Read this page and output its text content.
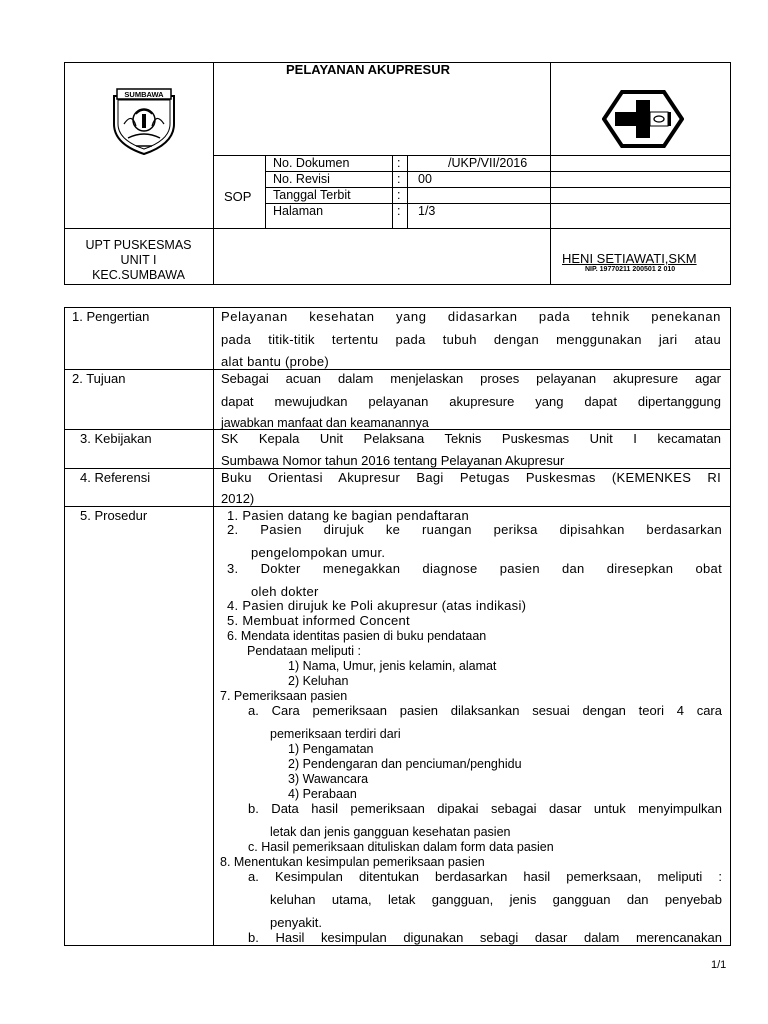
SUMBAWA
PELAYANAN AKUPRESUR
SOP
No. Dokumen	:	/UKP/VII/2016
No. Revisi	: 00
Tanggal Terbit	:
Halaman	: 1/3
UPT PUSKESMAS
UNIT I
KEC.SUMBAWA
HENI SETIAWATI,SKM
NIP. 19770211 200501 2 010
1. Pengertian	Pelayanan kesehatan yang didasarkan pada tehnik penekanan
pada titik-titik tertentu pada tubuh dengan menggunakan jari atau
alat bantu (probe)
2. Tujuan	Sebagai acuan dalam menjelaskan proses pelayanan akupresure agar
dapat mewujudkan pelayanan akupresure yang dapat dipertanggung
jawabkan manfaat dan keamanannya
3. Kebijakan	SK Kepala Unit Pelaksana Teknis Puskesmas Unit I kecamatan
Sumbawa Nomor tahun 2016 tentang Pelayanan Akupresur
4. Referensi	Buku Orientasi Akupresur Bagi Petugas Puskesmas (KEMENKES RI
2012)
5. Prosedur	1. Pasien datang ke bagian pendaftaran
2. Pasien dirujuk ke ruangan periksa dipisahkan berdasarkan
pengelompokan umur.
3. Dokter menegakkan diagnose pasien dan diresepkan obat
oleh dokter
4. Pasien dirujuk ke Poli akupresur (atas indikasi)
5. Membuat informed Concent
6. Mendata identitas pasien di buku pendataan
Pendataan meliputi :
1) Nama, Umur, jenis kelamin, alamat
2) Keluhan
7. Pemeriksaan pasien
a. Cara pemeriksaan pasien dilaksankan sesuai dengan teori 4 cara
pemeriksaan terdiri dari
1) Pengamatan
2) Pendengaran dan penciuman/penghidu
3) Wawancara
4) Perabaan
b. Data hasil pemeriksaan dipakai sebagai dasar untuk menyimpulkan
letak dan jenis gangguan kesehatan pasien
c. Hasil pemeriksaan dituliskan dalam form data pasien
8. Menentukan kesimpulan pemeriksaan pasien
a. Kesimpulan ditentukan berdasarkan hasil pemerksaan, meliputi :
keluhan utama, letak gangguan, jenis gangguan dan penyebab
penyakit.
b. Hasil kesimpulan digunakan sebagi dasar dalam merencanakan
1/1
